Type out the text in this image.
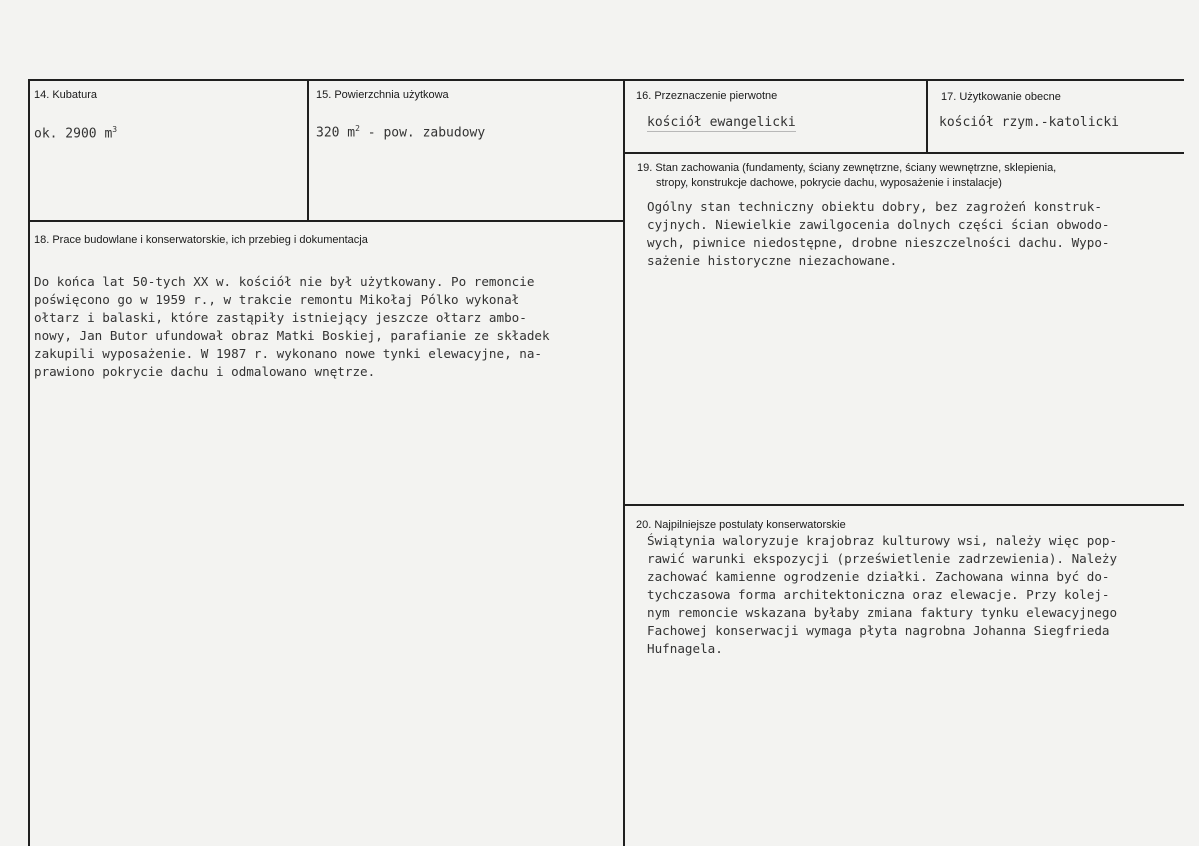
14. Kubatura
ok. 2900 $m^3$
15. Powierzchnia użytkowa
320 $m^2$ - pow. zabudowy
16. Przeznaczenie pierwotne
kościół ewangelicki
17. Użytkowanie obecne
kościół rzym.-katolicki
18. Prace budowlane i konserwatorskie, ich przebieg i dokumentacja
Do końca lat 50-tych XX w. kościół nie był użytkowany. Po remoncie
poświęcono go w 1959 r., w trakcie remontu Mikołaj Pólko wykonał
ołtarz i balaski, które zastąpiły istniejący jeszcze ołtarz ambo-
nowy, Jan Butor ufundował obraz Matki Boskiej, parafianie ze składek
zakupili wyposażenie. W 1987 r. wykonano nowe tynki elewacyjne, na-
prawiono pokrycie dachu i odmalowano wnętrze.
19. Stan zachowania (fundamenty, ściany zewnętrzne, ściany wewnętrzne, sklepienia,
stropy, konstrukcje dachowe, pokrycie dachu, wyposażenie i instalacje)
Ogólny stan techniczny obiektu dobry, bez zagrożeń konstruk-
cyjnych. Niewielkie zawilgocenia dolnych części ścian obwodo-
wych, piwnice niedostępne, drobne nieszczelności dachu. Wypo-
sażenie historyczne niezachowane.
20. Najpilniejsze postulaty konserwatorskie
Świątynia waloryzuje krajobraz kulturowy wsi, należy więc pop-
rawić warunki ekspozycji (prześwietlenie zadrzewienia). Należy
zachować kamienne ogrodzenie działki. Zachowana winna być do-
tychczasowa forma architektoniczna oraz elewacje. Przy kolej-
nym remoncie wskazana byłaby zmiana faktury tynku elewacyjnego
Fachowej konserwacji wymaga płyta nagrobna Johanna Siegfrieda
Hufnagela.
